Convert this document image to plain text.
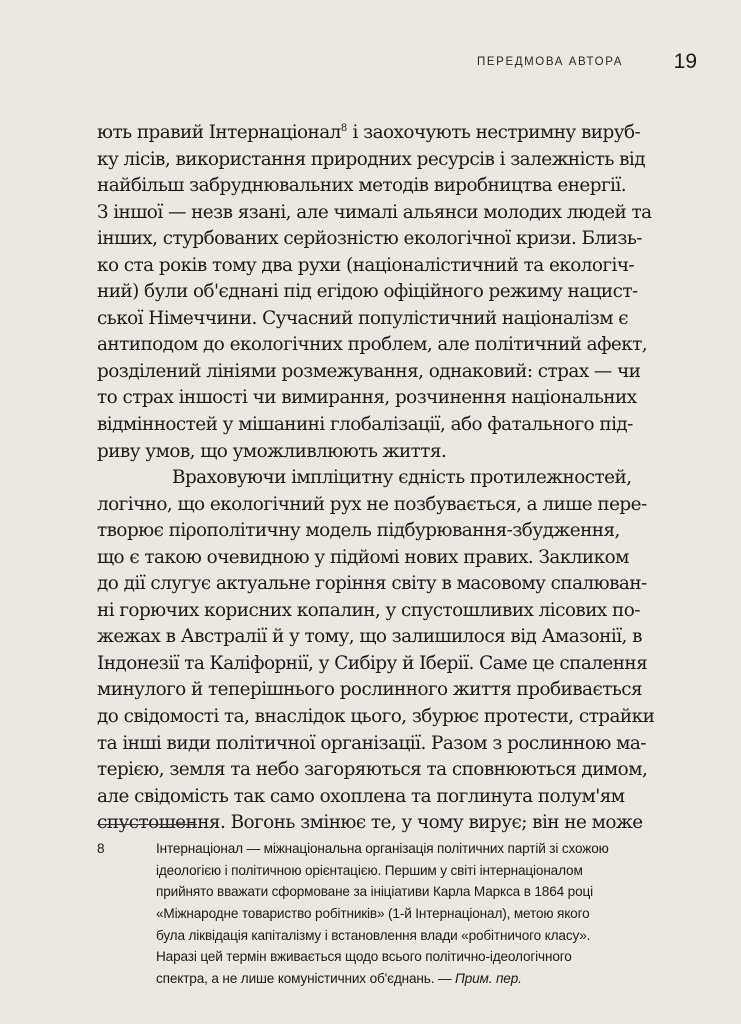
ПЕРЕДМОВА АВТОРА 19
ють правий Інтернаціонал$^8$ і заохочують нестримну вируб-
ку лісів, використання природних ресурсів і залежність від
найбільш забруднювальних методів виробництва енергії.
З іншої — незв язані, але чималі альянси молодих людей та
інших, стурбованих серйозністю екологічної кризи. Близь-
ко ста років тому два рухи (націоналістичний та екологіч-
ний) були об'єднані під егідою офіційного режиму нацист-
ської Німеччини. Сучасний популістичний націоналізм є
антиподом до екологічних проблем, але політичний афект,
розділений лініями розмежування, однаковий: страх — чи
то страх іншості чи вимирання, розчинення національних
відмінностей у мішанині глобалізації, або фатального під-
риву умов, що уможливлюють життя.
Враховуючи імпліцитну єдність протилежностей,
логічно, що екологічний рух не позбувається, а лише пере-
творює піροполітичну модель підбурювання-збудження,
що є такою очевидною у підйомі нових правих. Закликом
до дії слугує актуальне горіння світу в масовому спалюван-
ні горючих корисних копалин, у спустошливих лісових по-
жежах в Австралії й у тому, що залишилося від Амазонії, в
Індонезії та Каліфорнії, у Сибіру й Іберії. Саме це спалення
минулого й теперішнього рослинного життя пробивається
до свідомості та, внаслідок цього, збурює протести, страйки
та інші види політичної організації. Разом з рослинною ма-
терією, земля та небо загоряються та сповнюються димом,
але свідомість так само охоплена та поглинута полум'ям
спустошення. Вогонь змінює те, у чому вирує; він не може
8	Інтернаціонал — міжнаціональна організація політичних партій зі схожою
ідеологією і політичною орієнтацією. Першим у світі інтернаціоналом
прийнято вважати сформоване за ініціативи Карла Маркса в 1864 році
«Міжнародне товариство робітників» (1-й Інтернаціонал), метою якого
була ліквідація капіталізму і встановлення влади «робітничого класу».
Наразі цей термін вживається щодо всього політично-ідеологічного
спектра, а не лише комуністичних об'єднань. — Прим. пер.
